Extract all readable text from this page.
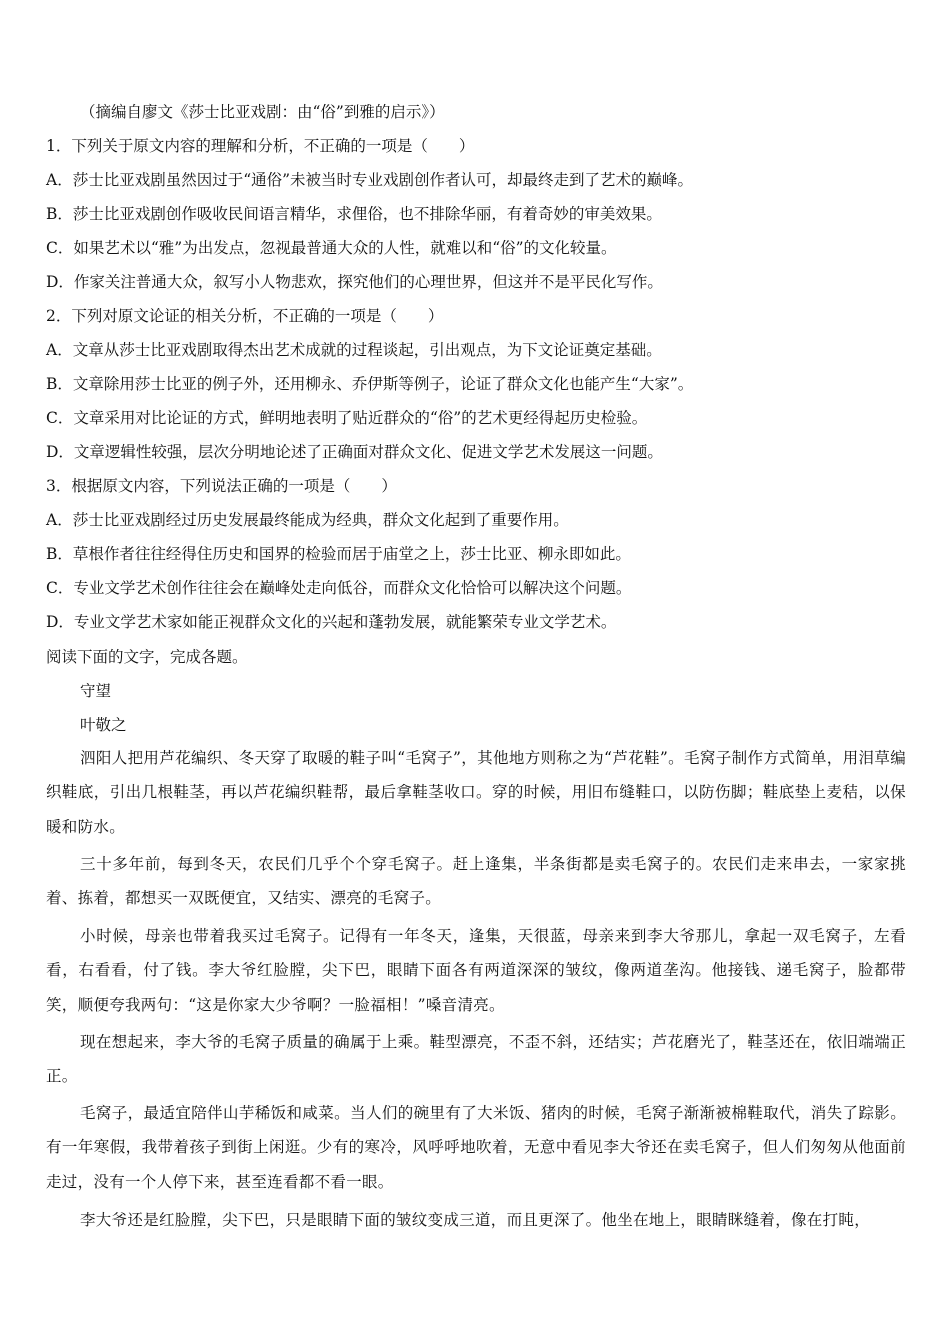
（摘编自廖文《莎士比亚戏剧：由“俗”到雅的启示》）
1．下列关于原文内容的理解和分析，不正确的一项是（　　）
A．莎士比亚戏剧虽然因过于“通俗”未被当时专业戏剧创作者认可，却最终走到了艺术的巅峰。
B．莎士比亚戏剧创作吸收民间语言精华，求俚俗，也不排除华丽，有着奇妙的审美效果。
C．如果艺术以“雅”为出发点，忽视最普通大众的人性，就难以和“俗”的文化较量。
D．作家关注普通大众，叙写小人物悲欢，探究他们的心理世界，但这并不是平民化写作。
2．下列对原文论证的相关分析，不正确的一项是（　　）
A．文章从莎士比亚戏剧取得杰出艺术成就的过程谈起，引出观点，为下文论证奠定基础。
B．文章除用莎士比亚的例子外，还用柳永、乔伊斯等例子，论证了群众文化也能产生“大家”。
C．文章采用对比论证的方式，鲜明地表明了贴近群众的“俗”的艺术更经得起历史检验。
D．文章逻辑性较强，层次分明地论述了正确面对群众文化、促进文学艺术发展这一问题。
3．根据原文内容，下列说法正确的一项是（　　）
A．莎士比亚戏剧经过历史发展最终能成为经典，群众文化起到了重要作用。
B．草根作者往往经得住历史和国界的检验而居于庙堂之上，莎士比亚、柳永即如此。
C．专业文学艺术创作往往会在巅峰处走向低谷，而群众文化恰恰可以解决这个问题。
D．专业文学艺术家如能正视群众文化的兴起和蓬勃发展，就能繁荣专业文学艺术。
阅读下面的文字，完成各题。
守望
叶敬之
泗阳人把用芦花编织、冬天穿了取暖的鞋子叫“毛窝子”，其他地方则称之为“芦花鞋”。毛窝子制作方式简单，用泪草编织鞋底，引出几根鞋茎，再以芦花编织鞋帮，最后拿鞋茎收口。穿的时候，用旧布缝鞋口，以防伤脚；鞋底垫上麦秸，以保暖和防水。
三十多年前，每到冬天，农民们几乎个个穿毛窝子。赶上逢集，半条街都是卖毛窝子的。农民们走来串去，一家家挑着、拣着，都想买一双既便宜，又结实、漂亮的毛窝子。
小时候，母亲也带着我买过毛窝子。记得有一年冬天，逢集，天很蓝，母亲来到李大爷那儿，拿起一双毛窝子，左看看，右看看，付了钱。李大爷红脸膛，尖下巴，眼睛下面各有两道深深的皱纹，像两道垄沟。他接钱、递毛窝子，脸都带笑，顺便夸我两句：“这是你家大少爷啊？一脸福相！”嗓音清亮。
现在想起来，李大爷的毛窝子质量的确属于上乘。鞋型漂亮，不歪不斜，还结实；芦花磨光了，鞋茎还在，依旧端端正正。
毛窝子，最适宜陪伴山芋稀饭和咸菜。当人们的碗里有了大米饭、猪肉的时候，毛窝子渐渐被棉鞋取代，消失了踪影。有一年寒假，我带着孩子到街上闲逛。少有的寒冷，风呼呼地吹着，无意中看见李大爷还在卖毛窝子，但人们匆匆从他面前走过，没有一个人停下来，甚至连看都不看一眼。
李大爷还是红脸膛，尖下巴，只是眼睛下面的皱纹变成三道，而且更深了。他坐在地上，眼睛眯缝着，像在打盹，
